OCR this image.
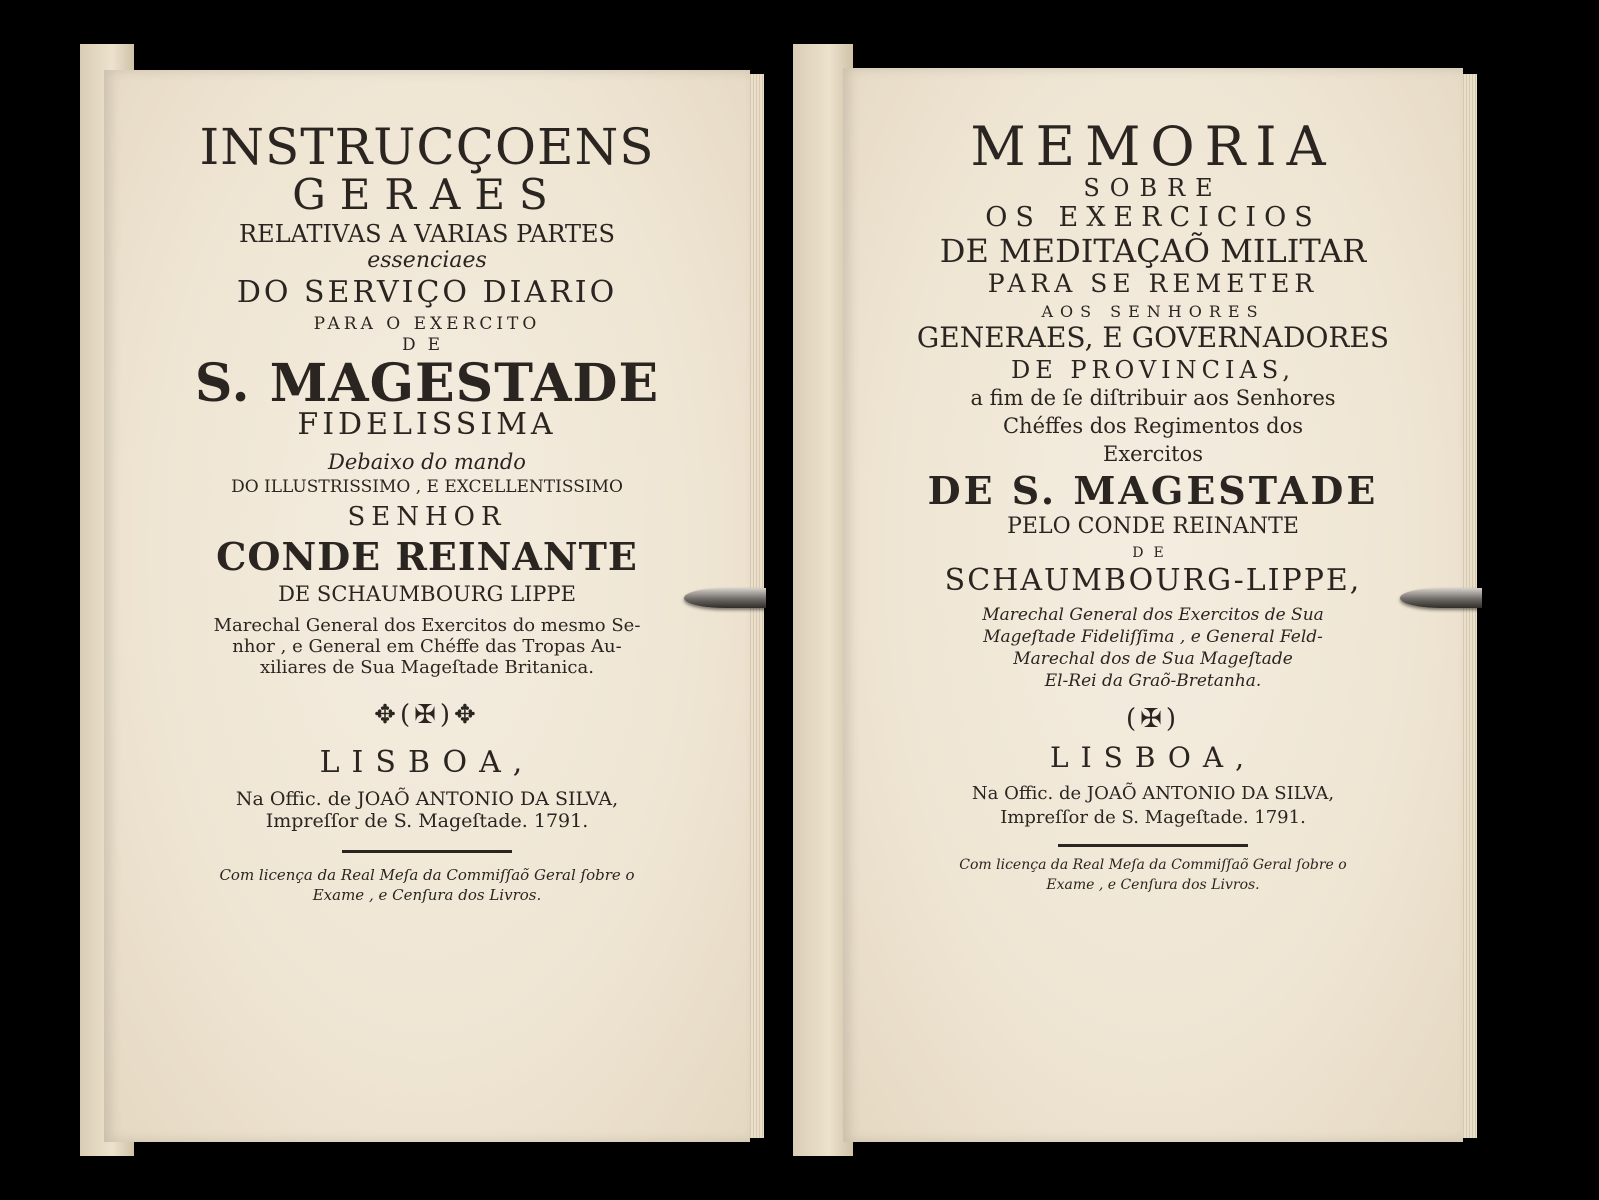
INSTRUCÇOENS
GERAES
RELATIVAS A VARIAS PARTES
essenciaes
DO SERVIÇO DIARIO
PARA O EXERCITO
DE
S. MAGESTADE
FIDELISSIMA
Debaixo do mando
DO ILLUSTRISSIMO , E EXCELLENTISSIMO
SENHOR
CONDE REINANTE
DE SCHAUMBOURG LIPPE
Marechal General dos Exercitos do mesmo Se-
nhor , e General em Chéffe das Tropas Au-
xiliares de Sua Mageſtade Britanica.
✥(✠)✥
LISBOA,
Na Offic. de JOAÕ ANTONIO DA SILVA,
Impreſſor de S. Mageſtade. 1791.
Com licença da Real Meſa da Commiſſaõ Geral ſobre o
Exame , e Cenſura dos Livros.
MEMORIA
SOBRE
OS EXERCICIOS
DE MEDITAÇAÕ MILITAR
PARA SE REMETER
AOS SENHORES
GENERAES, E GOVERNADORES
DE PROVINCIAS,
a fim de ſe diſtribuir aos Senhores
Chéffes dos Regimentos dos
Exercitos
DE S. MAGESTADE
PELO CONDE REINANTE
DE
SCHAUMBOURG-LIPPE,
Marechal General dos Exercitos de Sua
Mageſtade Fideliſſima , e General Feld-
Marechal dos de Sua Mageſtade
El-Rei da Graõ-Bretanha.
(✠)
LISBOA,
Na Offic. de JOAÕ ANTONIO DA SILVA,
Impreſſor de S. Mageſtade. 1791.
Com licença da Real Meſa da Commiſſaõ Geral ſobre o
Exame , e Cenſura dos Livros.
